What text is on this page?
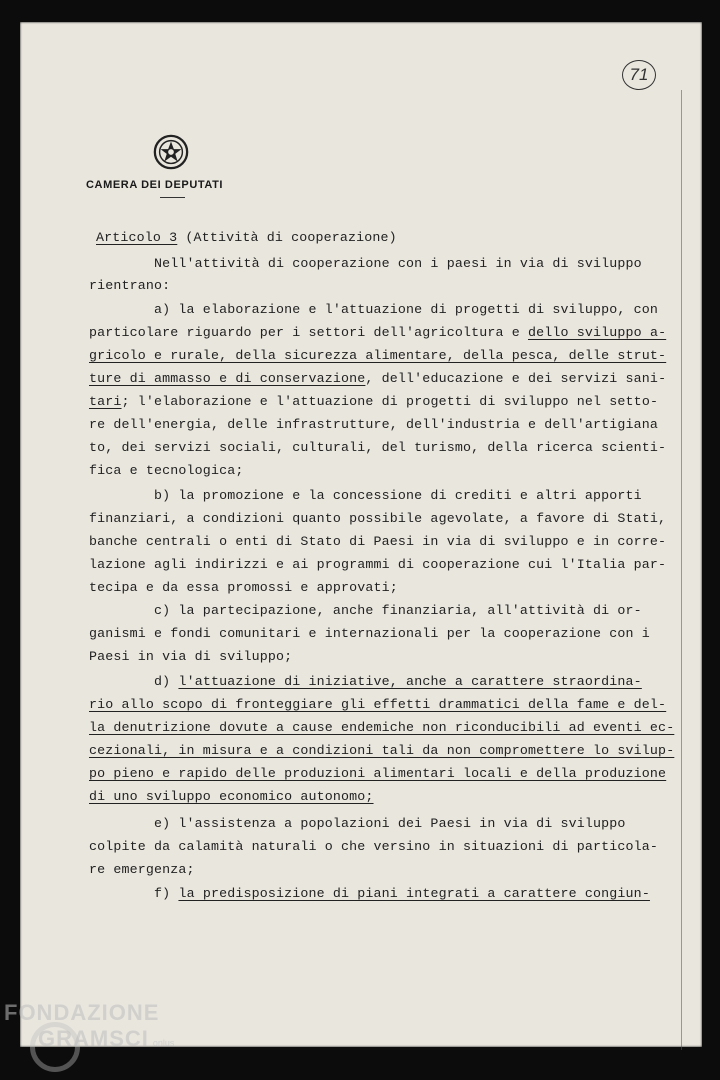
71
CAMERA DEI DEPUTATI
Articolo 3 (Attività di cooperazione)
Nell'attività di cooperazione con i paesi in via di sviluppo
rientrano:
a) la elaborazione e l'attuazione di progetti di sviluppo, con
particolare riguardo per i settori dell'agricoltura e dello sviluppo a-
gricolo e rurale, della sicurezza alimentare, della pesca, delle strut-
ture di ammasso e di conservazione, dell'educazione e dei servizi sani-
tari; l'elaborazione e l'attuazione di progetti di sviluppo nel setto-
re dell'energia, delle infrastrutture, dell'industria e dell'artigiana
to, dei servizi sociali, culturali, del turismo, della ricerca scienti-
fica e tecnologica;
b) la promozione e la concessione di crediti e altri apporti
finanziari, a condizioni quanto possibile agevolate, a favore di Stati,
banche centrali o enti di Stato di Paesi in via di sviluppo e in corre-
lazione agli indirizzi e ai programmi di cooperazione cui l'Italia par-
tecipa e da essa promossi e approvati;
c) la partecipazione, anche finanziaria, all'attività di or-
ganismi e fondi comunitari e internazionali per la cooperazione con i
Paesi in via di sviluppo;
d) l'attuazione di iniziative, anche a carattere straordina-
rio allo scopo di fronteggiare gli effetti drammatici della fame e del-
la denutrizione dovute a cause endemiche non riconducibili ad eventi ec-
cezionali, in misura e a condizioni tali da non compromettere lo svilup-
po pieno e rapido delle produzioni alimentari locali e della produzione
di uno sviluppo economico autonomo;
e) l'assistenza a popolazioni dei Paesi in via di sviluppo
colpite da calamità naturali o che versino in situazioni di particola-
re emergenza;
f) la predisposizione di piani integrati a carattere congiun-
FONDAZIONE
GRAMSCI onlus
